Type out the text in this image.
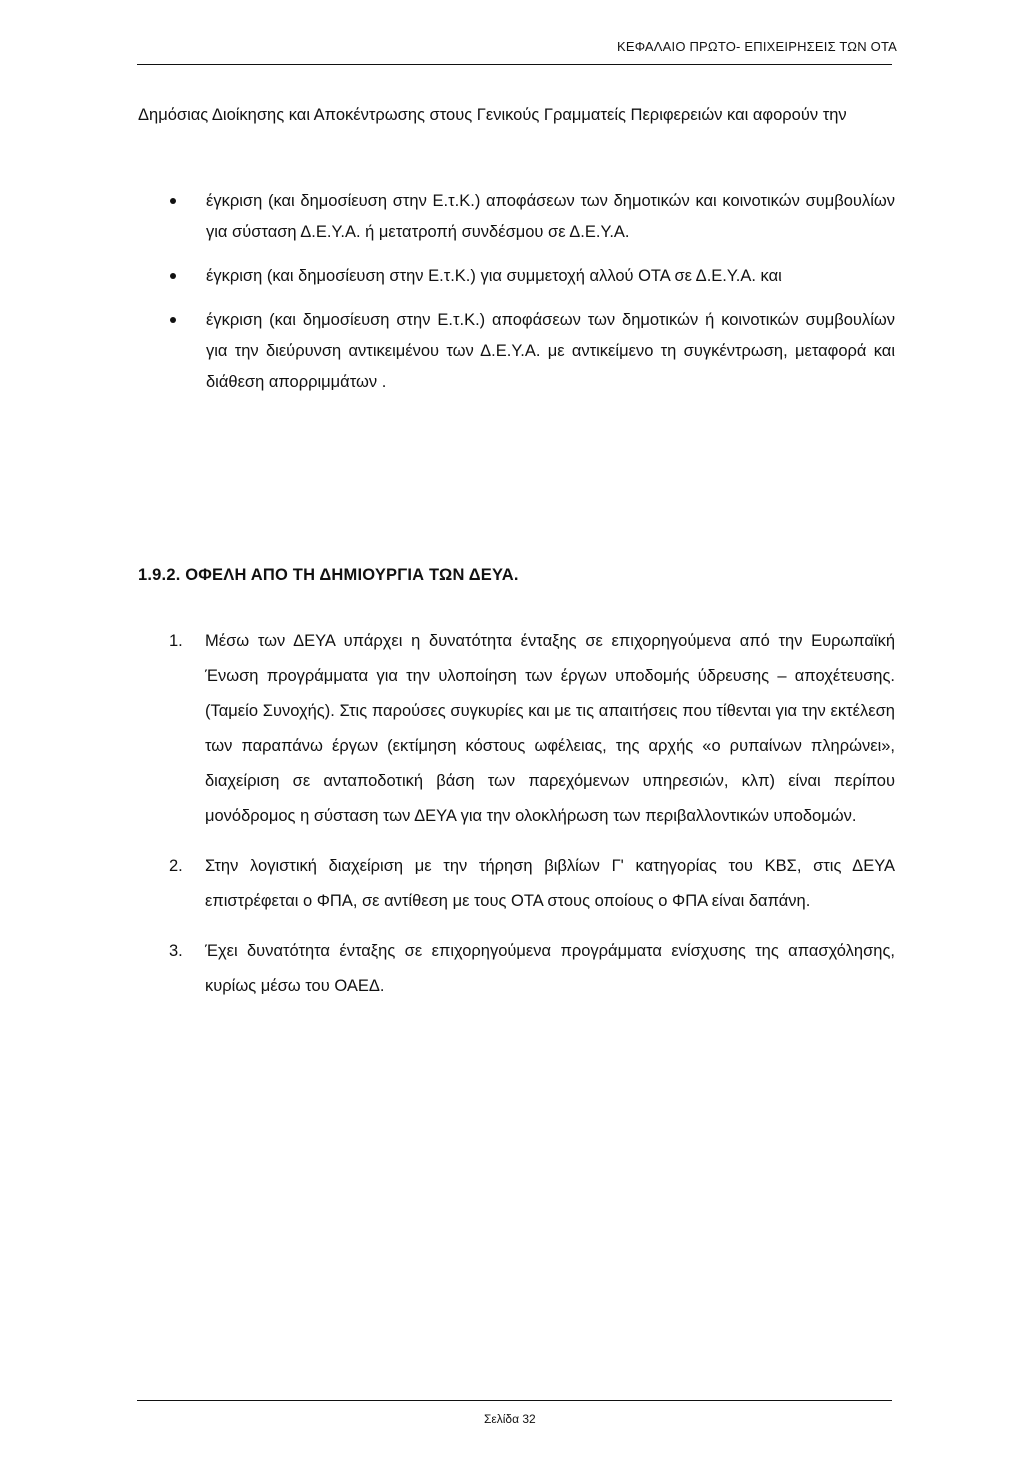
ΚΕΦΑΛΑΙΟ ΠΡΩΤΟ- ΕΠΙΧΕΙΡΗΣΕΙΣ ΤΩΝ ΟΤΑ
Δημόσιας Διοίκησης και Αποκέντρωσης στους Γενικούς Γραμματείς Περιφερειών και αφορούν την
έγκριση (και δημοσίευση στην Ε.τ.Κ.) αποφάσεων των δημοτικών και κοινοτικών συμβουλίων για σύσταση Δ.Ε.Υ.Α. ή μετατροπή συνδέσμου σε Δ.Ε.Υ.Α.
έγκριση (και δημοσίευση στην Ε.τ.Κ.) για συμμετοχή αλλού ΟΤΑ σε Δ.Ε.Υ.Α. και
έγκριση (και δημοσίευση στην Ε.τ.Κ.) αποφάσεων των δημοτικών ή κοινοτικών συμβουλίων για την διεύρυνση αντικειμένου των Δ.Ε.Υ.Α. με αντικείμενο τη συγκέντρωση, μεταφορά και διάθεση απορριμμάτων .
1.9.2. ΟΦΕΛΗ ΑΠΟ ΤΗ ΔΗΜΙΟΥΡΓΙΑ ΤΩΝ ΔΕΥΑ.
1. Μέσω των ΔΕΥΑ υπάρχει η δυνατότητα ένταξης σε επιχορηγούμενα από την Ευρωπαϊκή Ένωση προγράμματα για την υλοποίηση των έργων υποδομής ύδρευσης – αποχέτευσης. (Ταμείο Συνοχής). Στις παρούσες συγκυρίες και με τις απαιτήσεις που τίθενται για την εκτέλεση των παραπάνω έργων (εκτίμηση κόστους ωφέλειας, της αρχής «ο ρυπαίνων πληρώνει», διαχείριση σε ανταποδοτική βάση των παρεχόμενων υπηρεσιών, κλπ) είναι περίπου μονόδρομος η σύσταση των ΔΕΥΑ για την ολοκλήρωση των περιβαλλοντικών υποδομών.
2. Στην λογιστική διαχείριση με την τήρηση βιβλίων Γ' κατηγορίας του ΚΒΣ, στις ΔΕΥΑ επιστρέφεται ο ΦΠΑ, σε αντίθεση με τους ΟΤΑ στους οποίους ο ΦΠΑ είναι δαπάνη.
3. Έχει δυνατότητα ένταξης σε επιχορηγούμενα προγράμματα ενίσχυσης της απασχόλησης, κυρίως μέσω του ΟΑΕΔ.
Σελίδα 32
